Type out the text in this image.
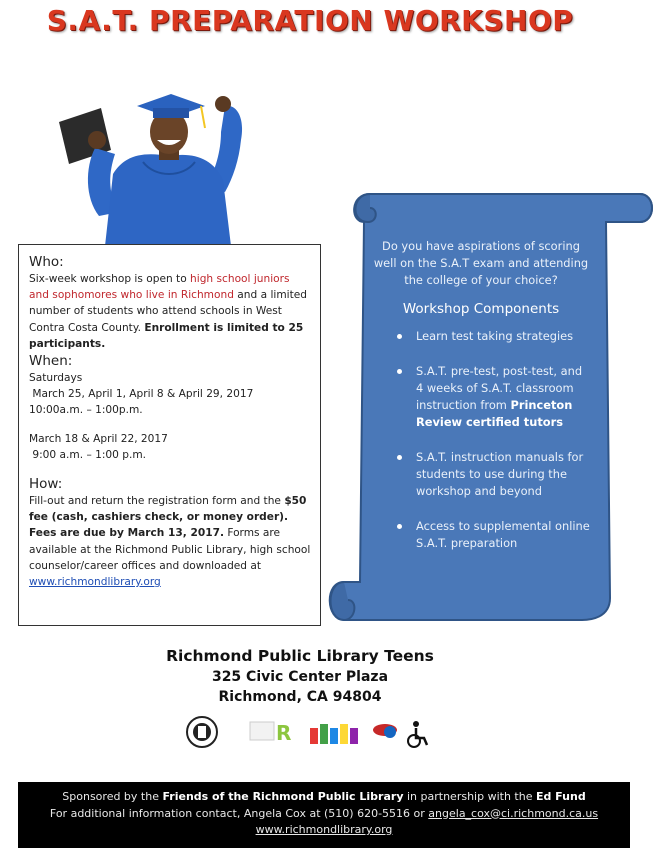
S.A.T. PREPARATION WORKSHOP
Who:

Six-week workshop is open to high school juniors and sophomores who live in Richmond and a limited number of students who attend schools in West Contra Costa County. Enrollment is limited to 25 participants.

When:

Saturdays

March 25, April 1, April 8 & April 29, 2017

10:00a.m. – 1:00p.m.

March 18 & April 22, 2017

9:00 a.m. – 1:00 p.m.

How:

Fill-out and return the registration form and the $50 fee (cash, cashiers check, or money order). Fees are due by March 13, 2017. Forms are available at the Richmond Public Library, high school counselor/career offices and downloaded at www.richmondlibrary.org

Do you have aspirations of scoring well on the S.A.T exam and attending the college of your choice?
Workshop Components
Learn test taking strategies
S.A.T. pre-test, post-test, and 4 weeks of S.A.T. classroom instruction from Princeton Review certified tutors
S.A.T. instruction manuals for students to use during the workshop and beyond
Access to supplemental online S.A.T. preparation
Richmond Public Library Teens
325 Civic Center Plaza
Richmond, CA 94804
R
Sponsored by the Friends of the Richmond Public Library in partnership with the Ed Fund
For additional information contact, Angela Cox at (510) 620-5516 or angela_cox@ci.richmond.ca.us
www.richmondlibrary.org
